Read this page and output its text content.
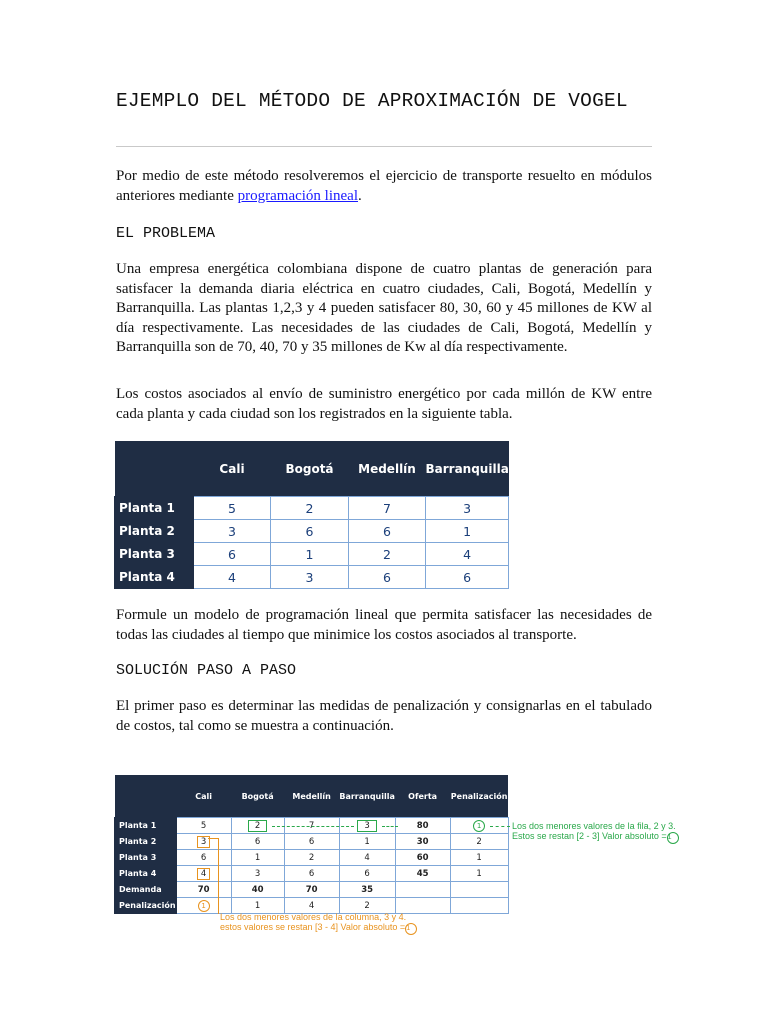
EJEMPLO DEL MÉTODO DE APROXIMACIÓN DE VOGEL

Por medio de este método resolveremos el ejercicio de transporte resuelto en módulos anteriores mediante programación lineal.

EL PROBLEMA

Una empresa energética colombiana dispone de cuatro plantas de generación para satisfacer la demanda diaria eléctrica en cuatro ciudades, Cali, Bogotá, Medellín y Barranquilla. Las plantas 1,2,3 y 4 pueden satisfacer 80, 30, 60 y 45 millones de KW al día respectivamente. Las necesidades de las ciudades de Cali, Bogotá, Medellín y Barranquilla son de 70, 40, 70 y 35 millones de Kw al día respectivamente.

Los costos asociados al envío de suministro energético por cada millón de KW entre cada planta y cada ciudad son los registrados en la siguiente tabla.

Formule un modelo de programación lineal que permita satisfacer las necesidades de todas las ciudades al tiempo que minimice los costos asociados al transporte.

SOLUCIÓN PASO A PASO

El primer paso es determinar las medidas de penalización y consignarlas en el tabulado de costos, tal como se muestra a continuación.

	Cali	Bogotá	Medellín	Barranquilla
Planta 1	5	2	7	3
Planta 2	3	6	6	1
Planta 3	6	1	2	4
Planta 4	4	3	6	6
	Cali	Bogotá	Medellín	Barranquilla	Oferta	Penalización
Planta 1	5	2	7	3	80	1
Planta 2	3	6	6	1	30	2
Planta 3	6	1	2	4	60	1
Planta 4	4	3	6	6	45	1
Demanda	70	40	70	35		
Penalización	1	1	4	2		
Los dos menores valores de la fila, 2 y 3.
Estos se restan [2 - 3] Valor absoluto =1
Los dos menores valores de la columna, 3 y 4.
estos valores se restan [3 - 4] Valor absoluto =1
